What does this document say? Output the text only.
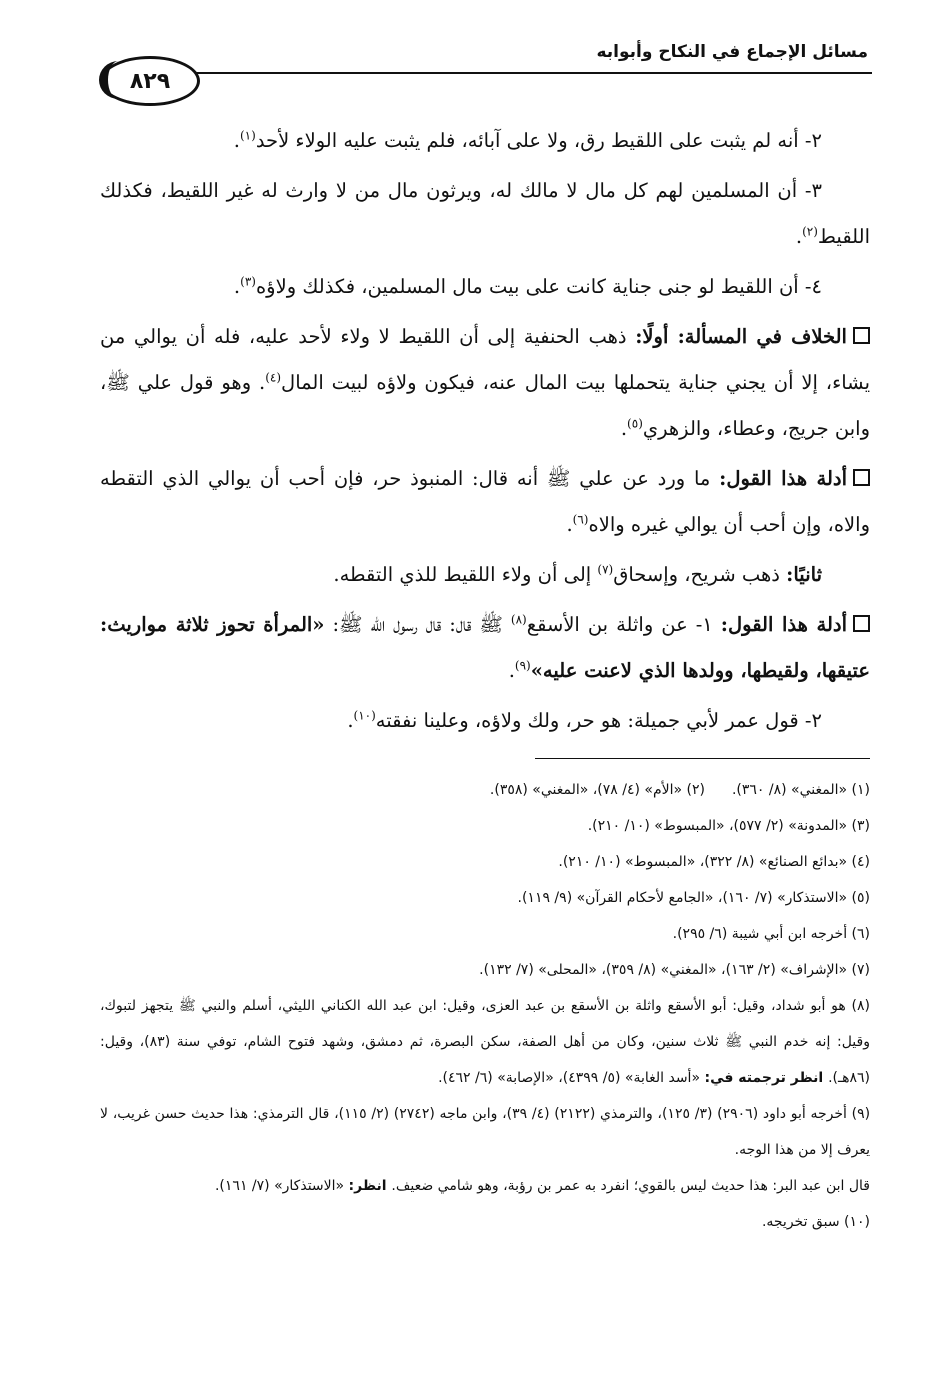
مسائل الإجماع في النكاح وأبوابه
٨٢٩

٢- أنه لم يثبت على اللقيط رق، ولا على آبائه، فلم يثبت عليه الولاء لأحد$^{(١)}$.

٣- أن المسلمين لهم كل مال لا مالك له، ويرثون مال من لا وارث له غير اللقيط، فكذلك اللقيط$^{(٢)}$.

٤- أن اللقيط لو جنى جناية كانت على بيت مال المسلمين، فكذلك ولاؤه$^{(٣)}$.

الخلاف في المسألة: أولًا: ذهب الحنفية إلى أن اللقيط لا ولاء لأحد عليه، فله أن يوالي من يشاء، إلا أن يجني جناية يتحملها بيت المال عنه، فيكون ولاؤه لبيت المال$^{(٤)}$. وهو قول علي ﷺ، وابن جريج، وعطاء، والزهري$^{(٥)}$.

أدلة هذا القول: ما ورد عن علي ﷺ أنه قال: المنبوذ حر، فإن أحب أن يوالي الذي التقطه والاه، وإن أحب أن يوالي غيره والاه$^{(٦)}$.

ثانيًا: ذهب شريح، وإسحاق$^{(٧)}$ إلى أن ولاء اللقيط للذي التقطه.

أدلة هذا القول: ١- عن واثلة بن الأسقع$^{(٨)}$ ﷺ قال: قال رسول الله ﷺ: «المرأة تحوز ثلاثة مواريث: عتيقها، ولقيطها، وولدها الذي لاعنت عليه»$^{(٩)}$.

٢- قول عمر لأبي جميلة: هو حر، ولك ولاؤه، وعلينا نفقته$^{(١٠)}$.

(١) «المغني» (٨/ ٣٦٠).
(٢) «الأم» (٤/ ٧٨)، «المغني» (٣٥٨).

(٣) «المدونة» (٢/ ٥٧٧)، «المبسوط» (١٠/ ٢١٠).

(٤) «بدائع الصنائع» (٨/ ٣٢٢)، «المبسوط» (١٠/ ٢١٠).

(٥) «الاستذكار» (٧/ ١٦٠)، «الجامع لأحكام القرآن» (٩/ ١١٩).

(٦) أخرجه ابن أبي شيبة (٦/ ٢٩٥).

(٧) «الإشراف» (٢/ ١٦٣)، «المغني» (٨/ ٣٥٩)، «المحلى» (٧/ ١٣٢).

(٨) هو أبو شداد، وقيل: أبو الأسقع واثلة بن الأسقع بن عبد العزى، وقيل: ابن عبد الله الكناني الليثي، أسلم والنبي ﷺ يتجهز لتبوك، وقيل: إنه خدم النبي ﷺ ثلاث سنين، وكان من أهل الصفة، سكن البصرة، ثم دمشق، وشهد فتوح الشام، توفي سنة (٨٣)، وقيل: (٨٦هـ). انظر ترجمته في: «أسد الغابة» (٥/ ٤٣٩٩)، «الإصابة» (٦/ ٤٦٢).

(٩) أخرجه أبو داود (٢٩٠٦) (٣/ ١٢٥)، والترمذي (٢١٢٢) (٤/ ٣٩)، وابن ماجه (٢٧٤٢) (٢/ ١١٥)، قال الترمذي: هذا حديث حسن غريب، لا يعرف إلا من هذا الوجه.

قال ابن عبد البر: هذا حديث ليس بالقوي؛ انفرد به عمر بن رؤبة، وهو شامي ضعيف. انظر: «الاستذكار» (٧/ ١٦١).

(١٠) سبق تخريجه.
